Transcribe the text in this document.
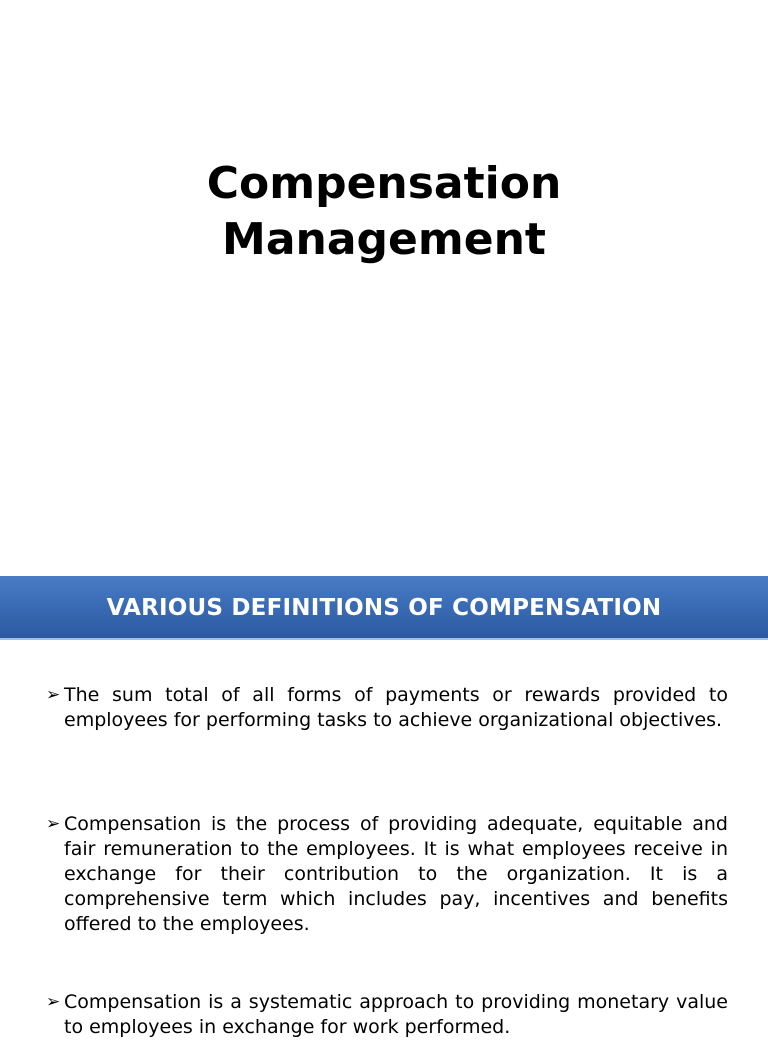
Compensation
Management
VARIOUS DEFINITIONS OF COMPENSATION
➢ The sum total of all forms of payments or rewards provided to employees for performing tasks to achieve organizational objectives.
➢ Compensation is the process of providing adequate, equitable and fair remuneration to the employees. It is what employees receive in exchange for their contribution to the organization. It is a comprehensive term which includes pay, incentives and benefits offered to the employees.
➢ Compensation is a systematic approach to providing monetary value to employees in exchange for work performed.
